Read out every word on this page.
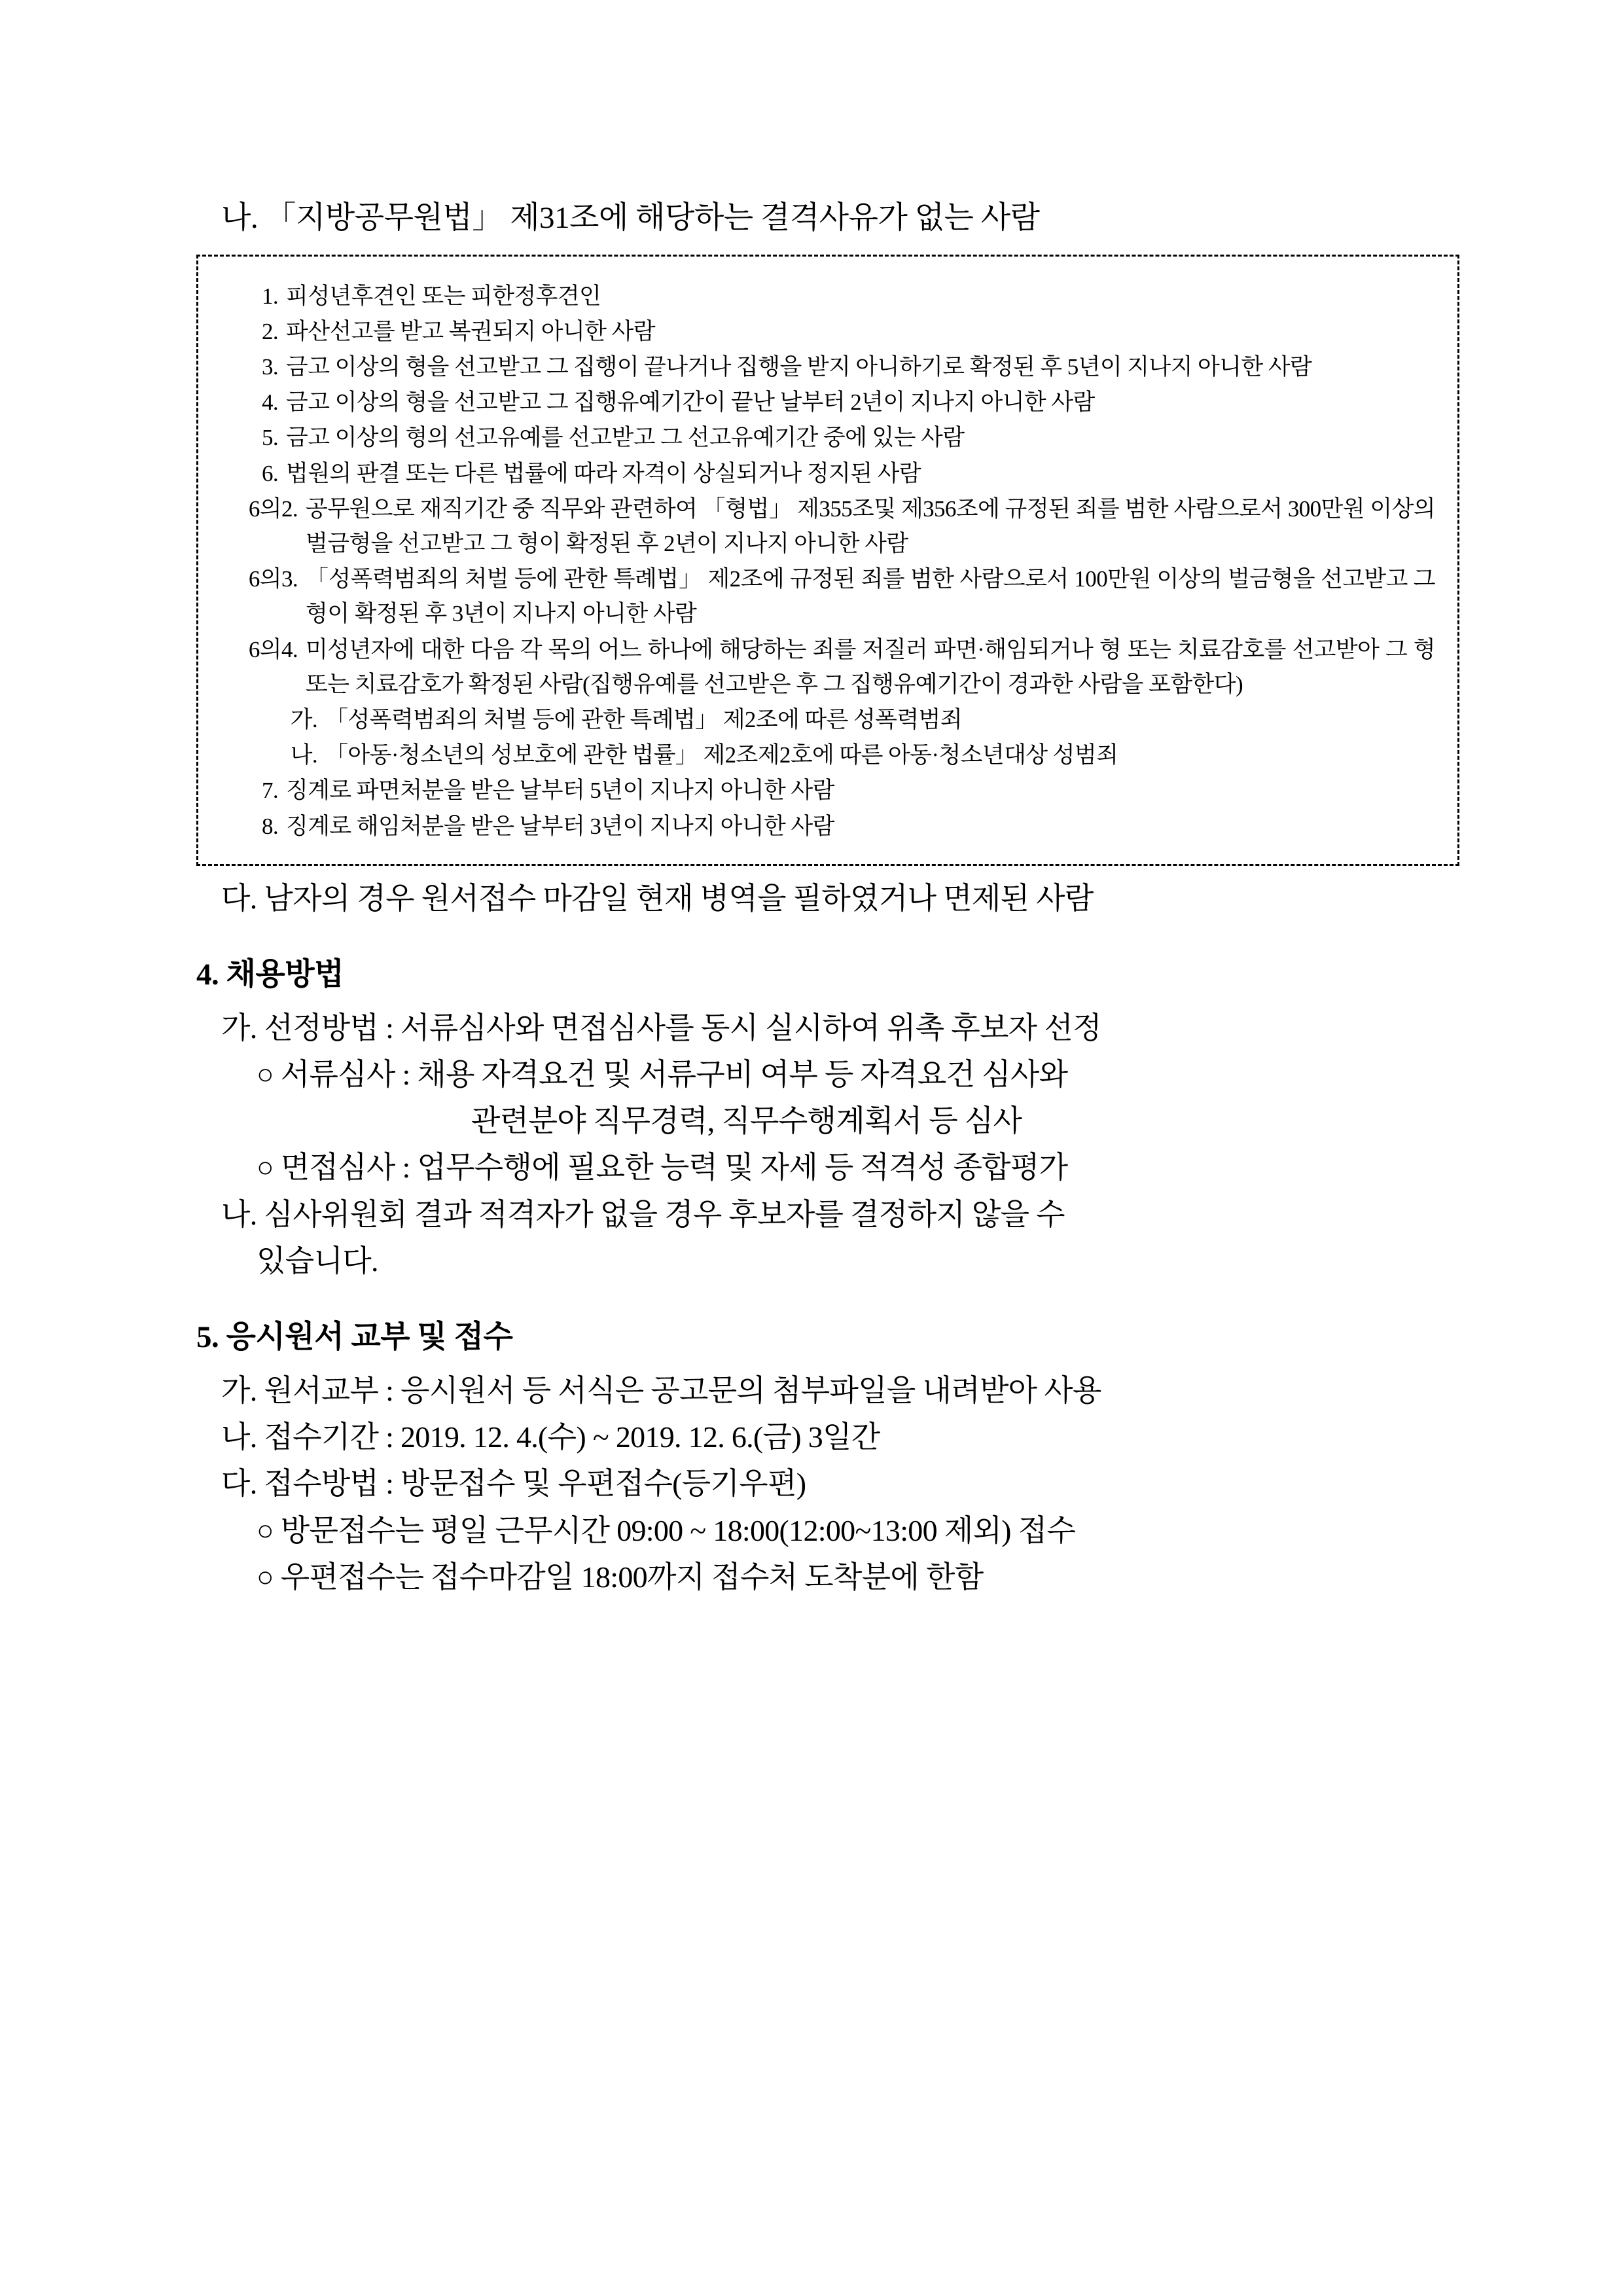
나. 「지방공무원법」 제31조에 해당하는 결격사유가 없는 사람

1. 피성년후견인 또는 피한정후견인
2. 파산선고를 받고 복권되지 아니한 사람
3. 금고 이상의 형을 선고받고 그 집행이 끝나거나 집행을 받지 아니하기로 확정된 후 5년이 지나지 아니한 사람
4. 금고 이상의 형을 선고받고 그 집행유예기간이 끝난 날부터 2년이 지나지 아니한 사람
5. 금고 이상의 형의 선고유예를 선고받고 그 선고유예기간 중에 있는 사람
6. 법원의 판결 또는 다른 법률에 따라 자격이 상실되거나 정지된 사람
6의2. 공무원으로 재직기간 중 직무와 관련하여 「형법」 제355조및 제356조에 규정된 죄를 범한 사람으로서 300만원 이상의 벌금형을 선고받고 그 형이 확정된 후 2년이 지나지 아니한 사람
6의3. 「성폭력범죄의 처벌 등에 관한 특례법」 제2조에 규정된 죄를 범한 사람으로서 100만원 이상의 벌금형을 선고받고 그 형이 확정된 후 3년이 지나지 아니한 사람
6의4. 미성년자에 대한 다음 각 목의 어느 하나에 해당하는 죄를 저질러 파면·해임되거나 형 또는 치료감호를 선고받아 그 형 또는 치료감호가 확정된 사람(집행유예를 선고받은 후 그 집행유예기간이 경과한 사람을 포함한다)
가. 「성폭력범죄의 처벌 등에 관한 특례법」 제2조에 따른 성폭력범죄
나. 「아동·청소년의 성보호에 관한 법률」 제2조제2호에 따른 아동·청소년대상 성범죄
7. 징계로 파면처분을 받은 날부터 5년이 지나지 아니한 사람
8. 징계로 해임처분을 받은 날부터 3년이 지나지 아니한 사람

다. 남자의 경우 원서접수 마감일 현재 병역을 필하였거나 면제된 사람

4. 채용방법

가. 선정방법 : 서류심사와 면접심사를 동시 실시하여 위촉 후보자 선정

○ 서류심사 : 채용 자격요건 및 서류구비 여부 등 자격요건 심사와

관련분야 직무경력, 직무수행계획서 등 심사

○ 면접심사 : 업무수행에 필요한 능력 및 자세 등 적격성 종합평가

나. 심사위원회 결과 적격자가 없을 경우 후보자를 결정하지 않을 수

있습니다.

5. 응시원서 교부 및 접수

가. 원서교부 : 응시원서 등 서식은 공고문의 첨부파일을 내려받아 사용

나. 접수기간 : 2019. 12. 4.(수) ~ 2019. 12. 6.(금) 3일간

다. 접수방법 : 방문접수 및 우편접수(등기우편)

○ 방문접수는 평일 근무시간 09:00 ~ 18:00(12:00~13:00 제외) 접수

○ 우편접수는 접수마감일 18:00까지 접수처 도착분에 한함
